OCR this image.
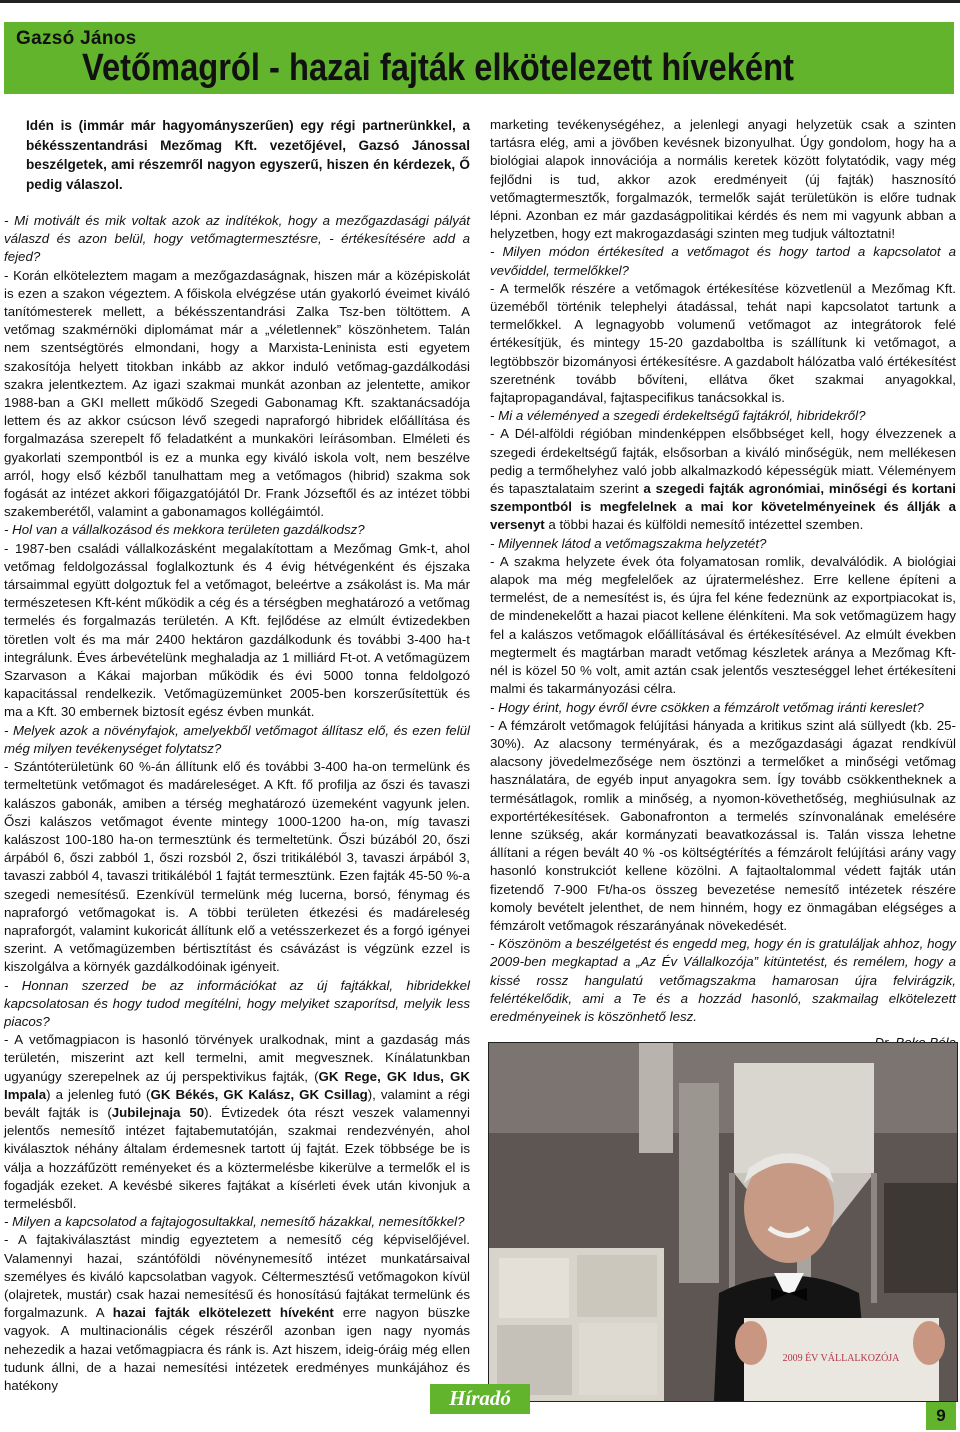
Gazsó János
Vetőmagról - hazai fajták elkötelezett híveként

Idén is (immár már hagyományszerűen) egy régi partnerünkkel, a békésszentandrási Mezőmag Kft. vezetőjével, Gazsó Jánossal beszélgetek, ami részemről nagyon egyszerű, hiszen én kérdezek, Ő pedig válaszol.

- Mi motivált és mik voltak azok az indítékok, hogy a mezőgazdasági pályát válaszd és azon belül, hogy vetőmagtermesztésre, - értékesítésére add a fejed?

- Korán elköteleztem magam a mezőgazdaságnak, hiszen már a középiskolát is ezen a szakon végeztem. A főiskola elvégzése után gyakorló éveimet kiváló tanítómesterek mellett, a békésszentandrási Zalka Tsz-ben töltöttem. A vetőmag szakmérnöki diplomámat már a „véletlennek” köszönhetem. Talán nem szentségtörés elmondani, hogy a Marxista-Leninista esti egyetem szakosítója helyett titokban inkább az akkor induló vetőmag-gazdálkodási szakra jelentkeztem. Az igazi szakmai munkát azonban az jelentette, amikor 1988-ban a GKI mellett működő Szegedi Gabonamag Kft. szaktanácsadója lettem és az akkor csúcson lévő szegedi napraforgó hibridek előállítása és forgalmazása szerepelt fő feladatként a munkaköri leírásomban. Elméleti és gyakorlati szempontból is ez a munka egy kiváló iskola volt, nem beszélve arról, hogy első kézből tanulhattam meg a vetőmagos (hibrid) szakma sok fogását az intézet akkori főigazgatójától Dr. Frank Józseftől és az intézet többi szakemberétől, valamint a gabonamagos kollégáimtól.

- Hol van a vállalkozásod és mekkora területen gazdálkodsz?

- 1987-ben családi vállalkozásként megalakítottam a Mezőmag Gmk-t, ahol vetőmag feldolgozással foglalkoztunk és 4 évig hétvégenként és éjszaka társaimmal együtt dolgoztuk fel a vetőmagot, beleértve a zsákolást is. Ma már természetesen Kft-ként működik a cég és a térségben meghatározó a vetőmag termelés és forgalmazás területén. A Kft. fejlődése az elmúlt évtizedekben töretlen volt és ma már 2400 hektáron gazdálkodunk és további 3-400 ha-t integrálunk. Éves árbevételünk meghaladja az 1 milliárd Ft-ot. A vetőmagüzem Szarvason a Kákai majorban működik és évi 5000 tonna feldolgozó kapacitással rendelkezik. Vetőmagüzemünket 2005-ben korszerűsítettük és ma a Kft. 30 embernek biztosít egész évben munkát.

- Melyek azok a növényfajok, amelyekből vetőmagot állítasz elő, és ezen felül még milyen tevékenységet folytatsz?

- Szántóterületünk 60 %-án állítunk elő és további 3-400 ha-on termelünk és termeltetünk vetőmagot és madáreleséget. A Kft. fő profilja az őszi és tavaszi kalászos gabonák, amiben a térség meghatározó üzemeként vagyunk jelen. Őszi kalászos vetőmagot évente mintegy 1000-1200 ha-on, míg tavaszi kalászost 100-180 ha-on termesztünk és termeltetünk. Őszi búzából 20, őszi árpából 6, őszi zabból 1, őszi rozsból 2, őszi tritikáléból 3, tavaszi árpából 3, tavaszi zabból 4, tavaszi tritikáléból 1 fajtát termesztünk. Ezen fajták 45-50 %-a szegedi nemesítésű. Ezenkívül termelünk még lucerna, borsó, fénymag és napraforgó vetőmagokat is. A többi területen étkezési és madáreleség napraforgót, valamint kukoricát állítunk elő a vetésszerkezet és a forgó igényei szerint. A vetőmagüzemben bértisztítást és csávázást is végzünk ezzel is kiszolgálva a környék gazdálkodóinak igényeit.

- Honnan szerzed be az információkat az új fajtákkal, hibridekkel kapcsolatosan és hogy tudod megítélni, hogy melyiket szaporítsd, melyik less piacos?

- A vetőmagpiacon is hasonló törvények uralkodnak, mint a gazdaság más területén, miszerint azt kell termelni, amit megvesznek. Kínálatunkban ugyanúgy szerepelnek az új perspektivikus fajták, (GK Rege, GK Idus, GK Impala) a jelenleg futó (GK Békés, GK Kalász, GK Csillag), valamint a régi bevált fajták is (Jubilejnaja 50). Évtizedek óta részt veszek valamennyi jelentős nemesítő intézet fajtabemutatóján, szakmai rendezvényén, ahol kiválasztok néhány általam érdemesnek tartott új fajtát. Ezek többsége be is válja a hozzáfűzött reményeket és a köztermelésbe kikerülve a termelők el is fogadják ezeket. A kevésbé sikeres fajtákat a kísérleti évek után kivonjuk a termelésből.

- Milyen a kapcsolatod a fajtajogosultakkal, nemesítő házakkal, nemesítőkkel?

- A fajtakiválasztást mindig egyeztetem a nemesítő cég képviselőjével. Valamennyi hazai, szántóföldi növénynemesítő intézet munkatársaival személyes és kiváló kapcsolatban vagyok. Céltermesztésű vetőmagokon kívül (olajretek, mustár) csak hazai nemesítésű és honosítású fajtákat termelünk és forgalmazunk. A hazai fajták elkötelezett híveként erre nagyon büszke vagyok. A multinacionális cégek részéről azonban igen nagy nyomás nehezedik a hazai vetőmagpiacra és ránk is. Azt hiszem, ideig-óráig még ellen tudunk állni, de a hazai nemesítési intézetek eredményes munkájához és hatékony

marketing tevékenységéhez, a jelenlegi anyagi helyzetük csak a szinten tartásra elég, ami a jövőben kevésnek bizonyulhat. Úgy gondolom, hogy ha a biológiai alapok innovációja a normális keretek között folytatódik, vagy még fejlődni is tud, akkor azok eredményeit (új fajták) hasznosító vetőmagtermesztők, forgalmazók, termelők saját területükön is előre tudnak lépni. Azonban ez már gazdaságpolitikai kérdés és nem mi vagyunk abban a helyzetben, hogy ezt makrogazdasági szinten meg tudjuk változtatni!

- Milyen módon értékesíted a vetőmagot és hogy tartod a kapcsolatot a vevőiddel, termelőkkel?

- A termelők részére a vetőmagok értékesítése közvetlenül a Mezőmag Kft. üzeméből történik telephelyi átadással, tehát napi kapcsolatot tartunk a termelőkkel. A legnagyobb volumenű vetőmagot az integrátorok felé értékesítjük, és mintegy 15-20 gazdaboltba is szállítunk ki vetőmagot, a legtöbbször bizományosi értékesítésre. A gazdabolt hálózatba való értékesítést szeretnénk tovább bővíteni, ellátva őket szakmai anyagokkal, fajtapropagandával, fajtaspecifikus tanácsokkal is.

- Mi a véleményed a szegedi érdekeltségű fajtákról, hibridekről?

- A Dél-alföldi régióban mindenképpen elsőbbséget kell, hogy élvezzenek a szegedi érdekeltségű fajták, elsősorban a kiváló minőségük, nem mellékesen pedig a termőhelyhez való jobb alkalmazkodó képességük miatt. Véleményem és tapasztalataim szerint a szegedi fajták agronómiai, minőségi és kortani szempontból is megfelelnek a mai kor követelményeinek és állják a versenyt a többi hazai és külföldi nemesítő intézettel szemben.

- Milyennek látod a vetőmagszakma helyzetét?

- A szakma helyzete évek óta folyamatosan romlik, devalválódik. A biológiai alapok ma még megfelelőek az újratermeléshez. Erre kellene építeni a termelést, de a nemesítést is, és újra fel kéne fedeznünk az exportpiacokat is, de mindenekelőtt a hazai piacot kellene élénkíteni. Ma sok vetőmagüzem hagy fel a kalászos vetőmagok előállításával és értékesítésével. Az elmúlt években megtermelt és magtárban maradt vetőmag készletek aránya a Mezőmag Kft-nél is közel 50 % volt, amit aztán csak jelentős veszteséggel lehet értékesíteni malmi és takarmányozási célra.

- Hogy érint, hogy évről évre csökken a fémzárolt vetőmag iránti kereslet?

- A fémzárolt vetőmagok felújítási hányada a kritikus szint alá süllyedt (kb. 25-30%). Az alacsony terményárak, és a mezőgazdasági ágazat rendkívül alacsony jövedelmezősége nem ösztönzi a termelőket a minőségi vetőmag használatára, de egyéb input anyagokra sem. Így tovább csökkentheknek a termésátlagok, romlik a minőség, a nyomon-követhetőség, meghiúsulnak az exportértékesítések. Gabonafronton a termelés színvonalának emelésére lenne szükség, akár kormányzati beavatkozással is. Talán vissza lehetne állítani a régen bevált 40 % -os költségtérítés a fémzárolt felújítási arány vagy hasonló konstrukciót kellene közölni. A fajtaoltalommal védett fajták után fizetendő 7-900 Ft/ha-os összeg bevezetése nemesítő intézetek részére komoly bevételt jelenthet, de nem hinném, hogy ez önmagában elégséges a fémzárolt vetőmagok részarányának növekedését.

- Köszönöm a beszélgetést és engedd meg, hogy én is gratuláljak ahhoz, hogy 2009-ben megkaptad a „Az Év Vállalkozója” kitüntetést, és remélem, hogy a kissé rossz hangulatú vetőmagszakma hamarosan újra felvirágzik, felértékelődik, ami a Te és a hozzád hasonló, szakmailag elkötelezett eredményeinek is köszönhető lesz.

2009 ÉV VÁLLALKOZÓJA
Híradó
9
